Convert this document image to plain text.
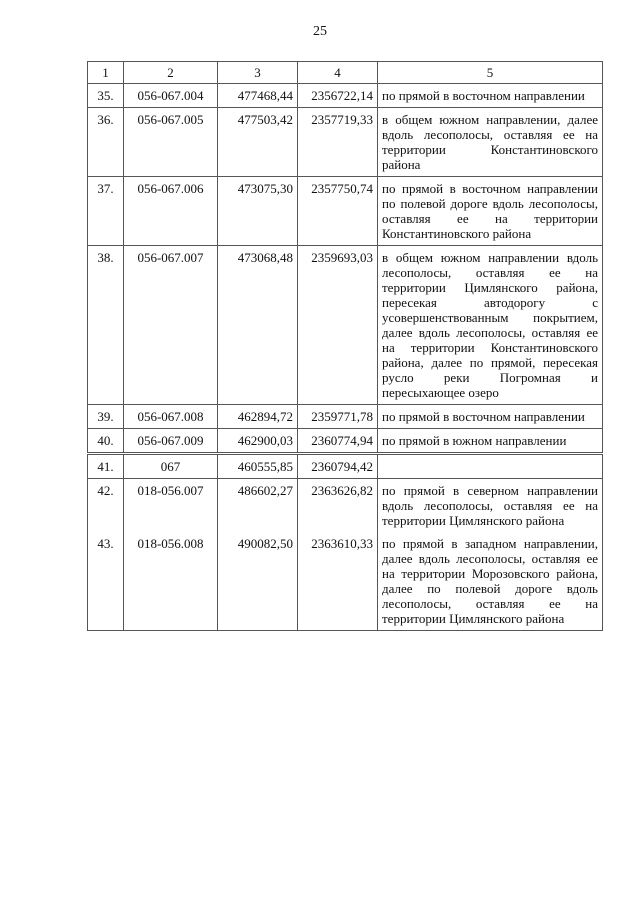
25
1	2	3	4	5
35.	056-067.004	477468,44	2356722,14	по прямой в восточном направлении
36.	056-067.005	477503,42	2357719,33	в общем южном направлении, далее вдоль лесополосы, оставляя ее на территории Константиновского района
37.	056-067.006	473075,30	2357750,74	по прямой в восточном направлении по полевой дороге вдоль лесополосы, оставляя ее на территории Константиновского района
38.	056-067.007	473068,48	2359693,03	в общем южном направлении вдоль лесополосы, оставляя ее на территории Цимлянского района, пересекая автодорогу с усовершенствованным покрытием, далее вдоль лесополосы, оставляя ее на территории Константиновского района, далее по прямой, пересекая русло реки Погромная и пересыхающее озеро
39.	056-067.008	462894,72	2359771,78	по прямой в восточном направлении
40.	056-067.009	462900,03	2360774,94	по прямой в южном направлении
41.	067	460555,85	2360794,42	
42.	018-056.007	486602,27	2363626,82	по прямой в северном направлении вдоль лесополосы, оставляя ее на территории Цимлянского района
43.	018-056.008	490082,50	2363610,33	по прямой в западном направлении, далее вдоль лесополосы, оставляя ее на территории Морозовского района, далее по полевой дороге вдоль лесополосы, оставляя ее на территории Цимлянского района
